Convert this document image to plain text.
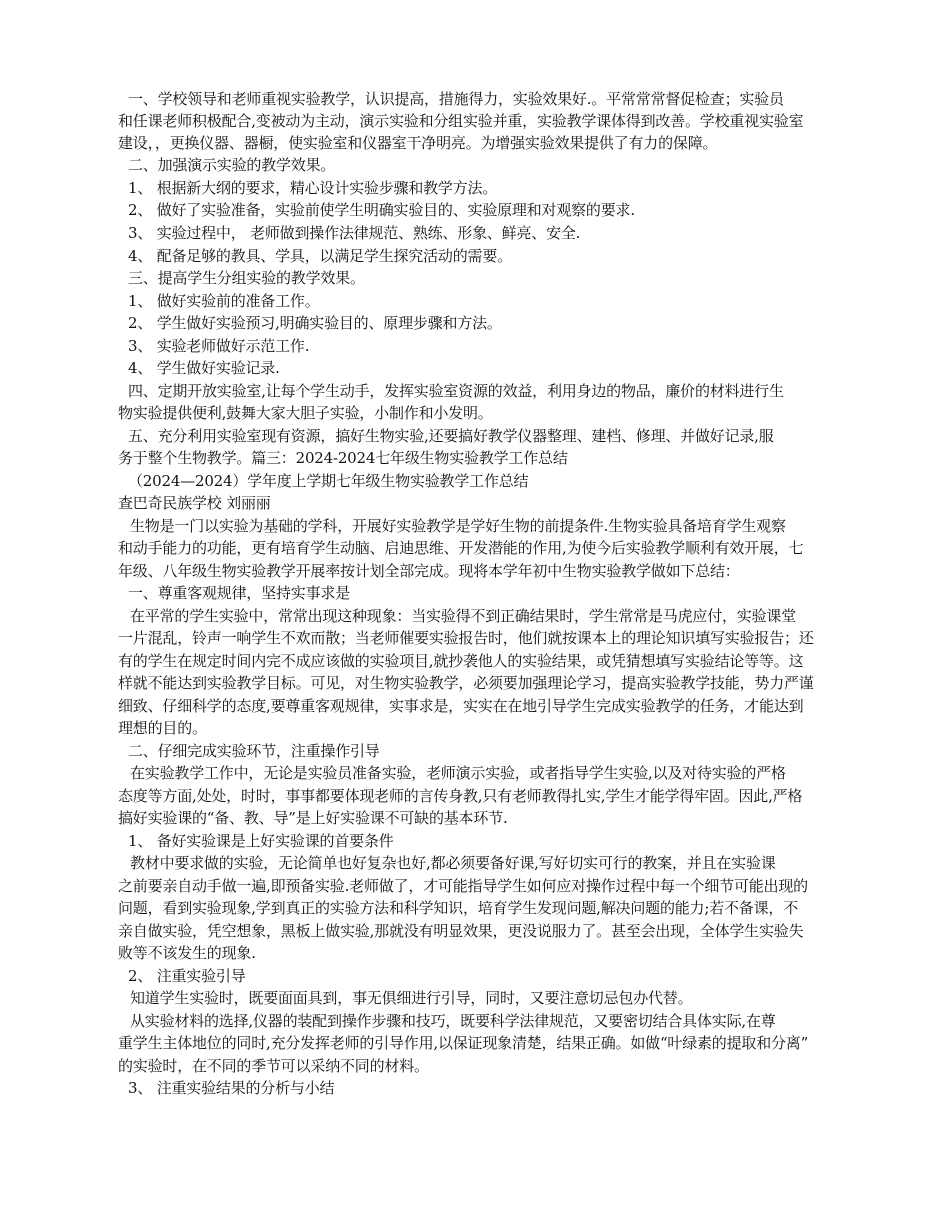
一、学校领导和老师重视实验教学，认识提高，措施得力，实验效果好.。平常常常督促检查；实验员
和任课老师积极配合,变被动为主动，演示实验和分组实验并重，实验教学课体得到改善。学校重视实验室
建设，，更换仪器、器橱，使实验室和仪器室干净明亮。为增强实验效果提供了有力的保障。
二、加强演示实验的教学效果。
1、 根据新大纲的要求，精心设计实验步骤和教学方法。
2、 做好了实验准备，实验前使学生明确实验目的、实验原理和对观察的要求.
3、 实验过程中， 老师做到操作法律规范、熟练、形象、鲜亮、安全.
4、 配备足够的教具、学具，以满足学生探究活动的需要。
三、提高学生分组实验的教学效果。
1、 做好实验前的准备工作。
2、 学生做好实验预习,明确实验目的、原理步骤和方法。
3、 实验老师做好示范工作.
4、 学生做好实验记录.
四、定期开放实验室,让每个学生动手，发挥实验室资源的效益，利用身边的物品，廉价的材料进行生
物实验提供便利,鼓舞大家大胆子实验，小制作和小发明。
五、充分利用实验室现有资源，搞好生物实验,还要搞好教学仪器整理、建档、修理、并做好记录,服
务于整个生物教学。篇三：2024-2024七年级生物实验教学工作总结
（2024—2024）学年度上学期七年级生物实验教学工作总结
查巴奇民族学校 刘丽丽
生物是一门以实验为基础的学科，开展好实验教学是学好生物的前提条件.生物实验具备培育学生观察
和动手能力的功能，更有培育学生动脑、启迪思维、开发潜能的作用,为使今后实验教学顺利有效开展，七
年级、八年级生物实验教学开展率按计划全部完成。现将本学年初中生物实验教学做如下总结：
一、尊重客观规律，坚持实事求是
在平常的学生实验中，常常出现这种现象：当实验得不到正确结果时，学生常常是马虎应付，实验课堂
一片混乱，铃声一响学生不欢而散；当老师催要实验报告时，他们就按课本上的理论知识填写实验报告；还
有的学生在规定时间内完不成应该做的实验项目,就抄袭他人的实验结果，或凭猜想填写实验结论等等。这
样就不能达到实验教学目标。可见，对生物实验教学，必须要加强理论学习，提高实验教学技能，势力严谨
细致、仔细科学的态度,要尊重客观规律，实事求是，实实在在地引导学生完成实验教学的任务，才能达到
理想的目的。
二、仔细完成实验环节，注重操作引导
在实验教学工作中，无论是实验员准备实验，老师演示实验，或者指导学生实验,以及对待实验的严格
态度等方面,处处，时时，事事都要体现老师的言传身教,只有老师教得扎实,学生才能学得牢固。因此,严格
搞好实验课的“备、教、导”是上好实验课不可缺的基本环节.
1、 备好实验课是上好实验课的首要条件
教材中要求做的实验，无论简单也好复杂也好,都必须要备好课,写好切实可行的教案，并且在实验课
之前要亲自动手做一遍,即预备实验.老师做了，才可能指导学生如何应对操作过程中每一个细节可能出现的
问题，看到实验现象,学到真正的实验方法和科学知识，培育学生发现问题,解决问题的能力;若不备课，不
亲自做实验，凭空想象，黑板上做实验,那就没有明显效果，更没说服力了。甚至会出现，全体学生实验失
败等不该发生的现象.
2、 注重实验引导
知道学生实验时，既要面面具到，事无俱细进行引导，同时，又要注意切忌包办代替。
从实验材料的选择,仪器的装配到操作步骤和技巧，既要科学法律规范，又要密切结合具体实际,在尊
重学生主体地位的同时,充分发挥老师的引导作用,以保证现象清楚，结果正确。如做“叶绿素的提取和分离”
的实验时，在不同的季节可以采纳不同的材料。
3、 注重实验结果的分析与小结
